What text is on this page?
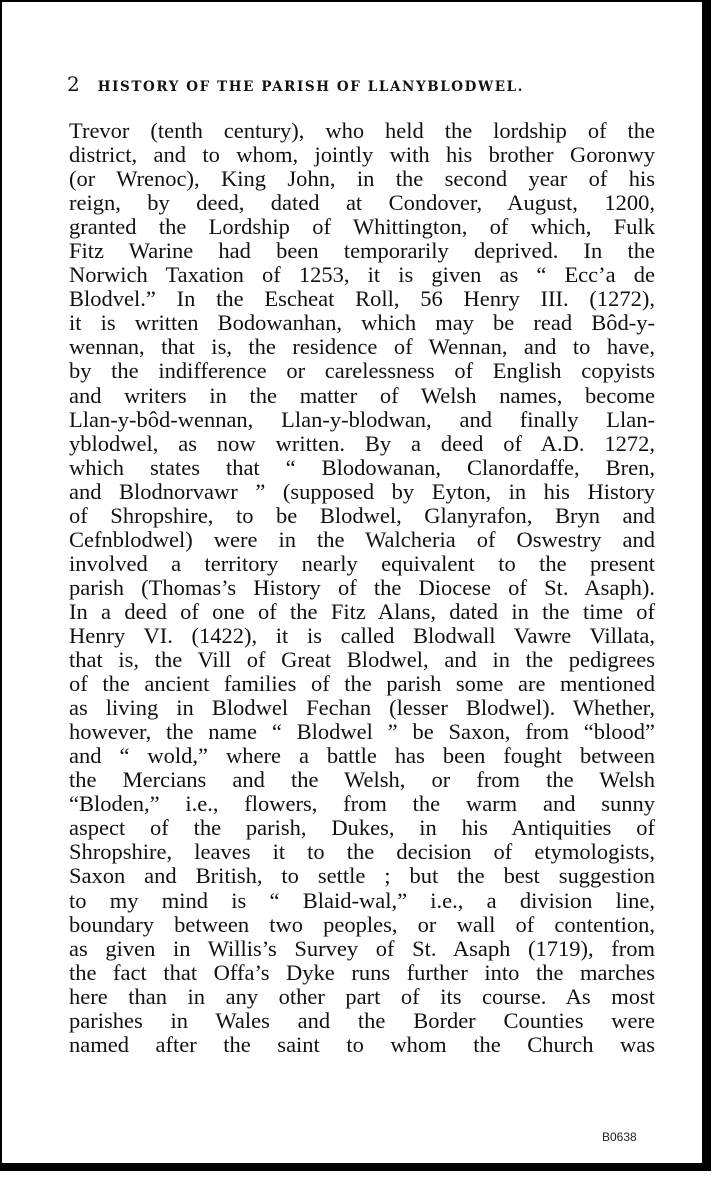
2 HISTORY OF THE PARISH OF LLANYBLODWEL.
Trevor (tenth century), who held the lordship of the
district, and to whom, jointly with his brother Goronwy
(or Wrenoc), King John, in the second year of his
reign, by deed, dated at Condover, August, 1200,
granted the Lordship of Whittington, of which, Fulk
Fitz Warine had been temporarily deprived. In the
Norwich Taxation of 1253, it is given as “ Ecc’a de
Blodvel.” In the Escheat Roll, 56 Henry III. (1272),
it is written Bodowanhan, which may be read Bôd-y-
wennan, that is, the residence of Wennan, and to have,
by the indifference or carelessness of English copyists
and writers in the matter of Welsh names, become
Llan-y-bôd-wennan, Llan-y-blodwan, and finally Llan-
yblodwel, as now written. By a deed of A.D. 1272,
which states that “ Blodowanan, Clanordaffe, Bren,
and Blodnorvawr ” (supposed by Eyton, in his History
of Shropshire, to be Blodwel, Glanyrafon, Bryn and
Cefnblodwel) were in the Walcheria of Oswestry and
involved a territory nearly equivalent to the present
parish (Thomas’s History of the Diocese of St. Asaph).
In a deed of one of the Fitz Alans, dated in the time of
Henry VI. (1422), it is called Blodwall Vawre Villata,
that is, the Vill of Great Blodwel, and in the pedigrees
of the ancient families of the parish some are mentioned
as living in Blodwel Fechan (lesser Blodwel). Whether,
however, the name “ Blodwel ” be Saxon, from “blood”
and “ wold,” where a battle has been fought between
the Mercians and the Welsh, or from the Welsh
“Bloden,” i.e., flowers, from the warm and sunny
aspect of the parish, Dukes, in his Antiquities of
Shropshire, leaves it to the decision of etymologists,
Saxon and British, to settle ; but the best suggestion
to my mind is “ Blaid-wal,” i.e., a division line,
boundary between two peoples, or wall of contention,
as given in Willis’s Survey of St. Asaph (1719), from
the fact that Offa’s Dyke runs further into the marches
here than in any other part of its course. As most
parishes in Wales and the Border Counties were
named after the saint to whom the Church was
B0638
